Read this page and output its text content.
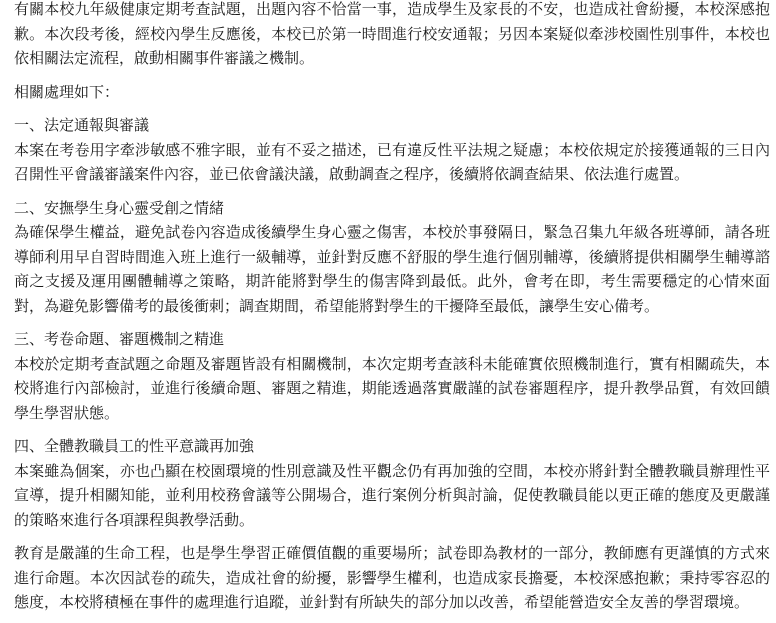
有關本校九年級健康定期考查試題，出題內容不恰當一事，造成學生及家長的不安，也造成社會紛擾，本校深感抱歉。本次段考後，經校內學生反應後，本校已於第一時間進行校安通報；另因本案疑似牽涉校園性別事件，本校也依相關法定流程，啟動相關事件審議之機制。

相關處理如下：

一、法定通報與審議

本案在考卷用字牽涉敏感不雅字眼，並有不妥之描述，已有違反性平法規之疑慮；本校依規定於接獲通報的三日內召開性平會議審議案件內容，並已依會議決議，啟動調查之程序，後續將依調查結果、依法進行處置。

二、安撫學生身心靈受創之情緒

為確保學生權益，避免試卷內容造成後續學生身心靈之傷害，本校於事發隔日，緊急召集九年級各班導師，請各班導師利用早自習時間進入班上進行一級輔導，並針對反應不舒服的學生進行個別輔導，後續將提供相關學生輔導諮商之支援及運用團體輔導之策略，期許能將對學生的傷害降到最低。此外，會考在即，考生需要穩定的心情來面對，為避免影響備考的最後衝刺；調查期間，希望能將對學生的干擾降至最低，讓學生安心備考。

三、考卷命題、審題機制之精進

本校於定期考查試題之命題及審題皆設有相關機制，本次定期考查該科未能確實依照機制進行，實有相關疏失，本校將進行內部檢討，並進行後續命題、審題之精進，期能透過落實嚴謹的試卷審題程序，提升教學品質，有效回饋學生學習狀態。

四、全體教職員工的性平意識再加強

本案雖為個案，亦也凸顯在校園環境的性別意識及性平觀念仍有再加強的空間，本校亦將針對全體教職員辦理性平宣導，提升相關知能，並利用校務會議等公開場合，進行案例分析與討論，促使教職員能以更正確的態度及更嚴謹的策略來進行各項課程與教學活動。

教育是嚴謹的生命工程，也是學生學習正確價值觀的重要場所；試卷即為教材的一部分，教師應有更謹慎的方式來進行命題。本次因試卷的疏失，造成社會的紛擾，影響學生權利，也造成家長擔憂，本校深感抱歉；秉持零容忍的態度，本校將積極在事件的處理進行追蹤，並針對有所缺失的部分加以改善，希望能營造安全友善的學習環境。
